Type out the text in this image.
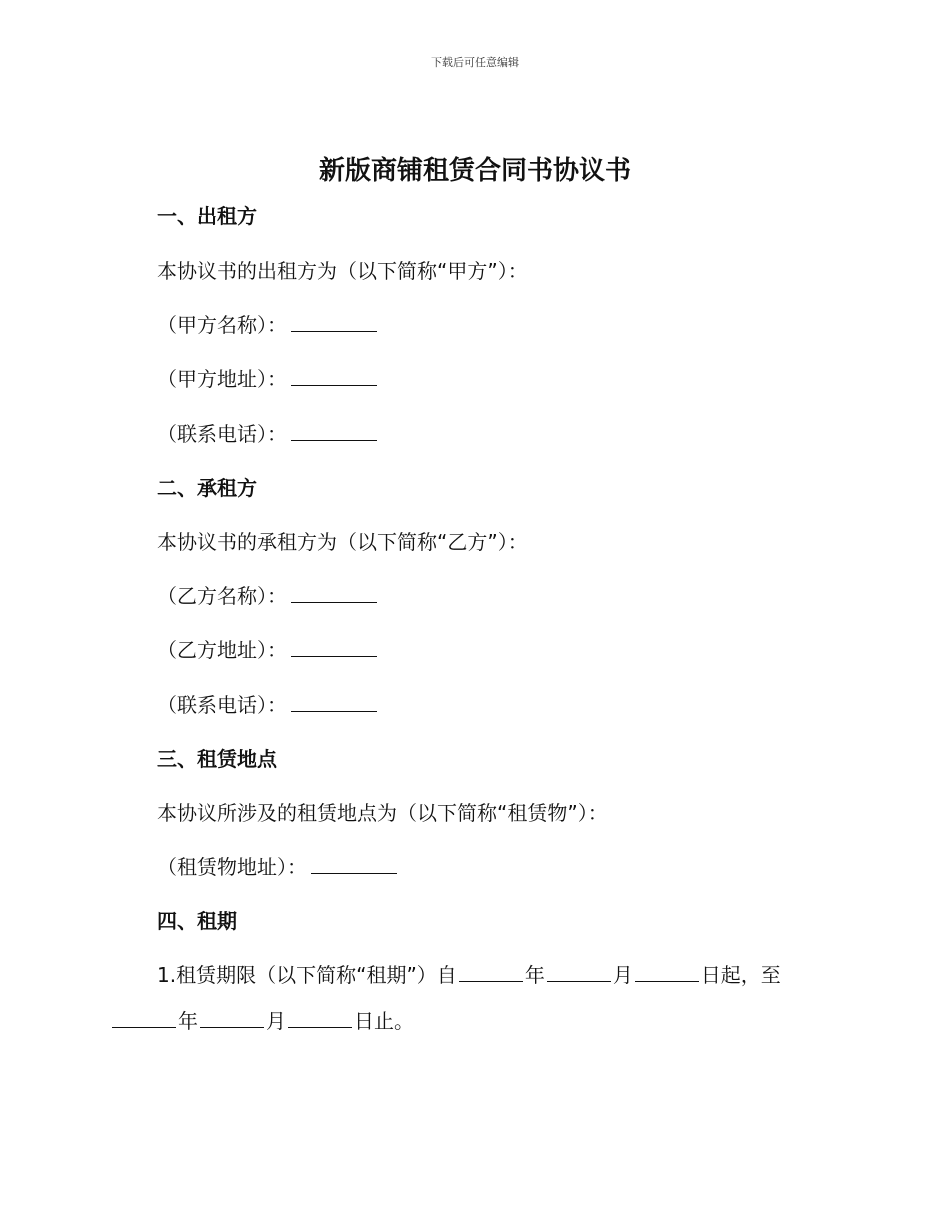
下载后可任意编辑
新版商铺租赁合同书协议书
一、出租方
本协议书的出租方为（以下简称“甲方”）：
（甲方名称）：
（甲方地址）：
（联系电话）：
二、承租方
本协议书的承租方为（以下简称“乙方”）：
（乙方名称）：
（乙方地址）：
（联系电话）：
三、租赁地点
本协议所涉及的租赁地点为（以下简称“租赁物”）：
（租赁物地址）：
四、租期
1.租赁期限（以下简称“租期”）自	年	月	日起，至
年	月	日止。
